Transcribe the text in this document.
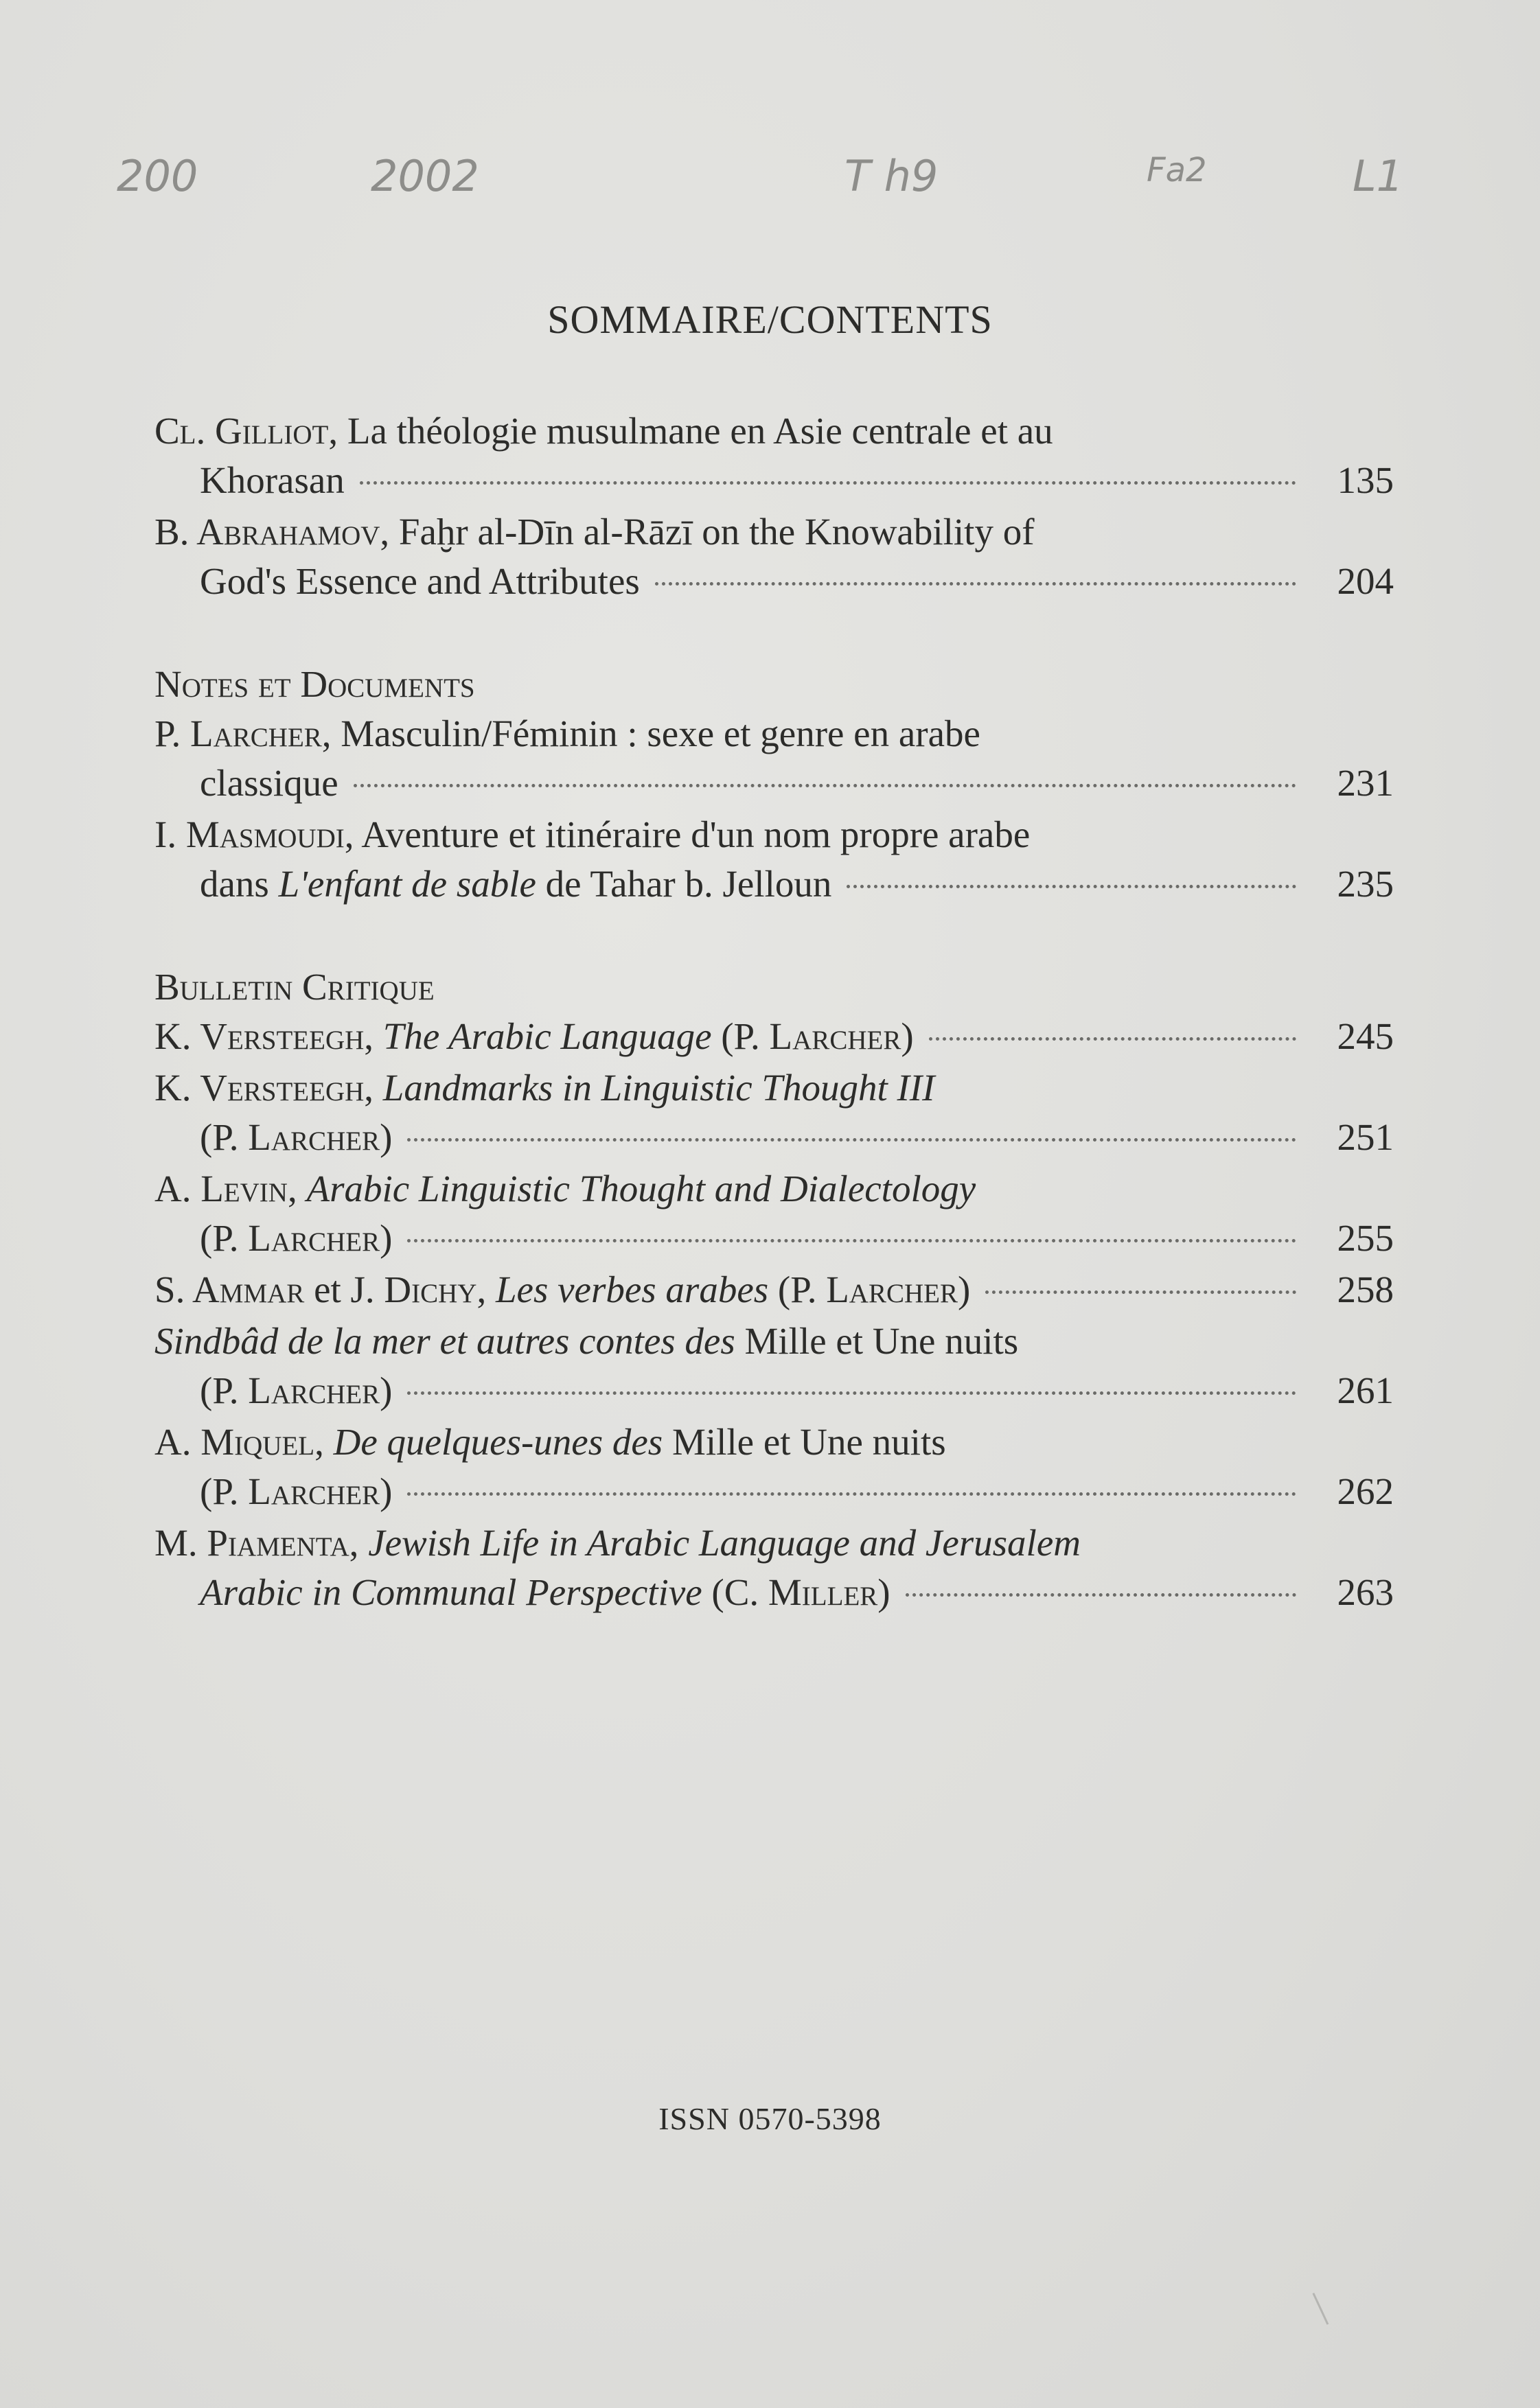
200	2002	T h9	Fa2	L1
SOMMAIRE/CONTENTS
Cl. Gilliot, La théologie musulmane en Asie centrale et au
Khorasan	135
B. Abrahamov, Faḫr al-Dīn al-Rāzī on the Knowability of
God's Essence and Attributes	204
Notes et Documents
P. Larcher, Masculin/Féminin : sexe et genre en arabe
classique	231
I. Masmoudi, Aventure et itinéraire d'un nom propre arabe
dans L'enfant de sable de Tahar b. Jelloun	235
Bulletin Critique
K. Versteegh, The Arabic Language (P. Larcher)	245
K. Versteegh, Landmarks in Linguistic Thought III
(P. Larcher)	251
A. Levin, Arabic Linguistic Thought and Dialectology
(P. Larcher)	255
S. Ammar et J. Dichy, Les verbes arabes (P. Larcher)	258
Sindbâd de la mer et autres contes des Mille et Une nuits
(P. Larcher)	261
A. Miquel, De quelques-unes des Mille et Une nuits
(P. Larcher)	262
M. Piamenta, Jewish Life in Arabic Language and Jerusalem
Arabic in Communal Perspective (C. Miller)	263
ISSN 0570-5398
